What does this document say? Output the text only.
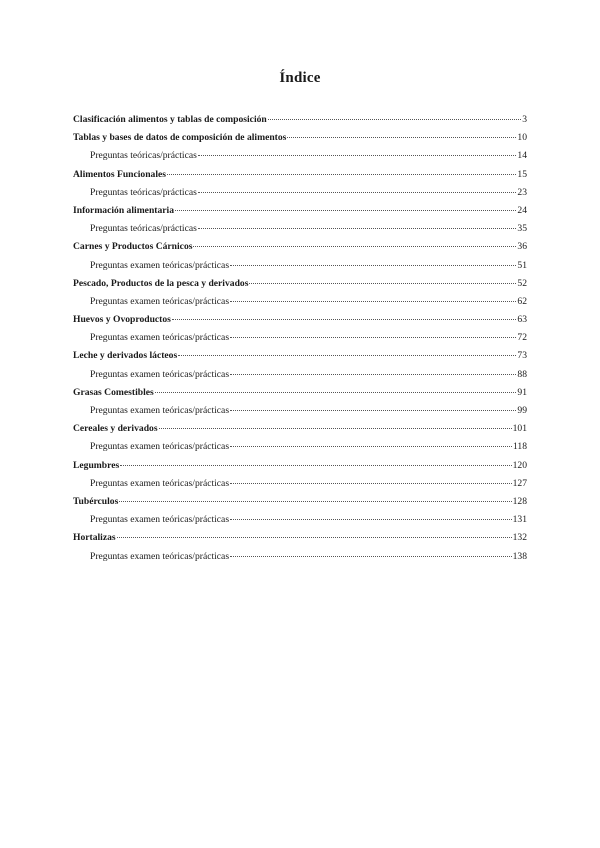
Índice
Clasificación alimentos y tablas de composición	3
Tablas y bases de datos de composición de alimentos	10
Preguntas teóricas/prácticas	14
Alimentos Funcionales	15
Preguntas teóricas/prácticas	23
Información alimentaria	24
Preguntas teóricas/prácticas	35
Carnes y Productos Cárnicos	36
Preguntas examen teóricas/prácticas	51
Pescado, Productos de la pesca y derivados	52
Preguntas examen teóricas/prácticas	62
Huevos y Ovoproductos	63
Preguntas examen teóricas/prácticas	72
Leche y derivados lácteos	73
Preguntas examen teóricas/prácticas	88
Grasas Comestibles	91
Preguntas examen teóricas/prácticas	99
Cereales y derivados	101
Preguntas examen teóricas/prácticas	118
Legumbres	120
Preguntas examen teóricas/prácticas	127
Tubérculos	128
Preguntas examen teóricas/prácticas	131
Hortalizas	132
Preguntas examen teóricas/prácticas	138
